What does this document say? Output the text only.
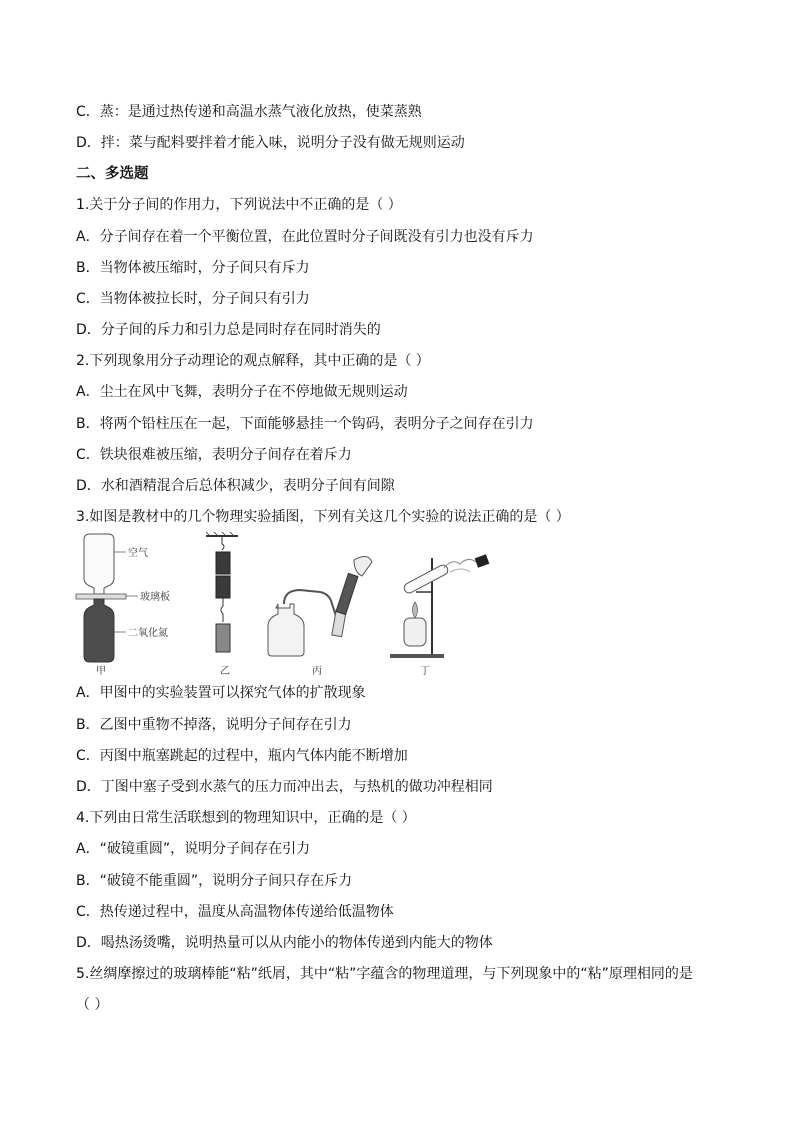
C．蒸：是通过热传递和高温水蒸气液化放热，使菜蒸熟
D．拌：菜与配料要拌着才能入味，说明分子没有做无规则运动
二、多选题
1.关于分子间的作用力，下列说法中不正确的是（ ）
A．分子间存在着一个平衡位置，在此位置时分子间既没有引力也没有斥力
B．当物体被压缩时，分子间只有斥力
C．当物体被拉长时，分子间只有引力
D．分子间的斥力和引力总是同时存在同时消失的
2.下列现象用分子动理论的观点解释，其中正确的是（ ）
A．尘土在风中飞舞，表明分子在不停地做无规则运动
B．将两个铅柱压在一起，下面能够悬挂一个钩码，表明分子之间存在引力
C．铁块很难被压缩，表明分子间存在着斥力
D．水和酒精混合后总体积减少，表明分子间有间隙
3.如图是教材中的几个物理实验插图，下列有关这几个实验的说法正确的是（ ）
空气
玻璃板
二氧化氮
甲	乙	丙	丁
A．甲图中的实验装置可以探究气体的扩散现象
B．乙图中重物不掉落，说明分子间存在引力
C．丙图中瓶塞跳起的过程中，瓶内气体内能不断增加
D．丁图中塞子受到水蒸气的压力而冲出去，与热机的做功冲程相同
4.下列由日常生活联想到的物理知识中，正确的是（ ）
A．“破镜重圆”，说明分子间存在引力
B．“破镜不能重圆”，说明分子间只存在斥力
C．热传递过程中，温度从高温物体传递给低温物体
D．喝热汤烫嘴，说明热量可以从内能小的物体传递到内能大的物体
5.丝绸摩擦过的玻璃棒能“粘”纸屑，其中“粘”字蕴含的物理道理，与下列现象中的“粘”原理相同的是
（ ）
